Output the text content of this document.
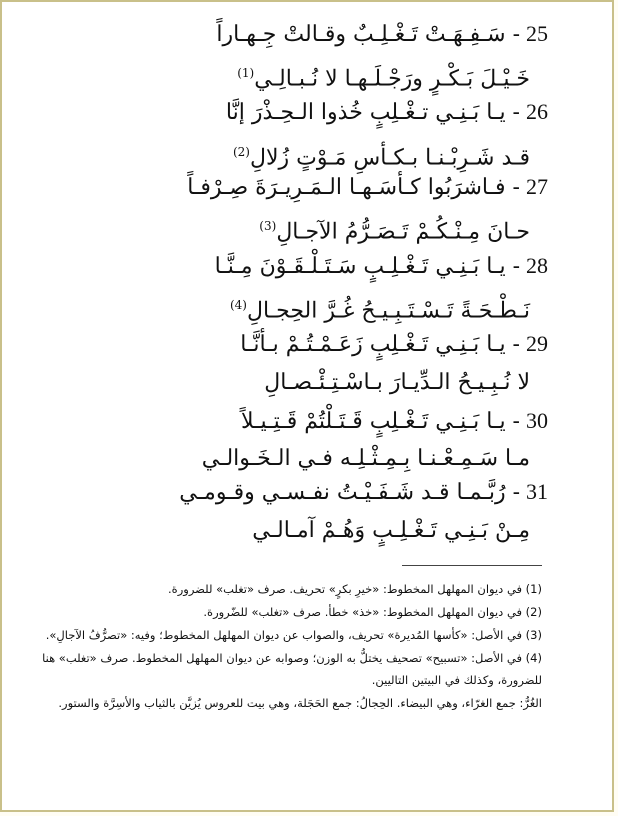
25- سَـفِـهَـتْ تَـغْـلِـبٌ وقـالتْ جِـهـاراً
خَـيْـلَ بَـكْـرٍ ورَجْـلَـهـا لا نُـبـالِـي$^{(1)}$
26- يـا بَـنِـي تـغْـلِبٍ خُذوا الـحِـذْرَ إنَّا
قـد شَـرِبْـنـا بـكـأسِ مَـوْتٍ زُلالِ$^{(2)}$
27- فـاشرَبُوا كـأسَـهـا الـمَـرِيـرَةَ صِـرْفـاً
حـانَ مِـنْـكُـمْ تَـصَـرُّمُ الآجـالِ$^{(3)}$
28- يـا بَـنِـي تَـغْـلِـبٍ سَـتَـلْـقَـوْنَ مِـنَّـا
نَـطْـحَـةً تَـسْـتَـبِـيـحُ غُـرَّ الحِجـالِ$^{(4)}$
29- يـا بَـنِـي تَـغْـلِبٍ زَعَـمْـتُـمْ بـأنَّـا
لا نُـبِـيـحُ الـدِّيـارَ بـاسْـتِـئْـصـالِ
30- يـا بَـنِـي تَـغْـلِبٍ قَـتَـلْتُمْ قَـتِـيـلاً
مـا سَـمِـعْـنـا بِـمِـثْـلِـه فـي الـخَـوالـي
31- رُبَّـمـا قـد شَـفَـيْـتُ نفـسـي وقـومـي
مِـنْ بَـنِـي تَـغْـلِـبٍ وَهُـمْ آمـالـي

(1) في ديوان المهلهل المخطوط: «خيرِ بكرٍ» تحريف. صرف «تغلب» للضرورة.

(2) في ديوان المهلهل المخطوط: «خذ» خطأ. صرف «تغلب» للضّرورة.

(3) في الأصل: «كأسها المُديرة» تحريف، والصواب عن ديوان المهلهل المخطوط؛ وفيه: «تصرُّفُ الآجالِ».

(4) في الأصل: «تسبيح» تصحيف يختلُّ به الوزن؛ وصوابه عن ديوان المهلهل المخطوط. صرف «تغلب» هنا للضرورة، وكذلك في البيتين التاليين.

الغُرُّ: جمع الغرّاء، وهي البيضاء. الحِجالُ: جمع الحَجَلة، وهي بيت للعروس يُزيَّن بالثياب والأسِرَّة والستور.
